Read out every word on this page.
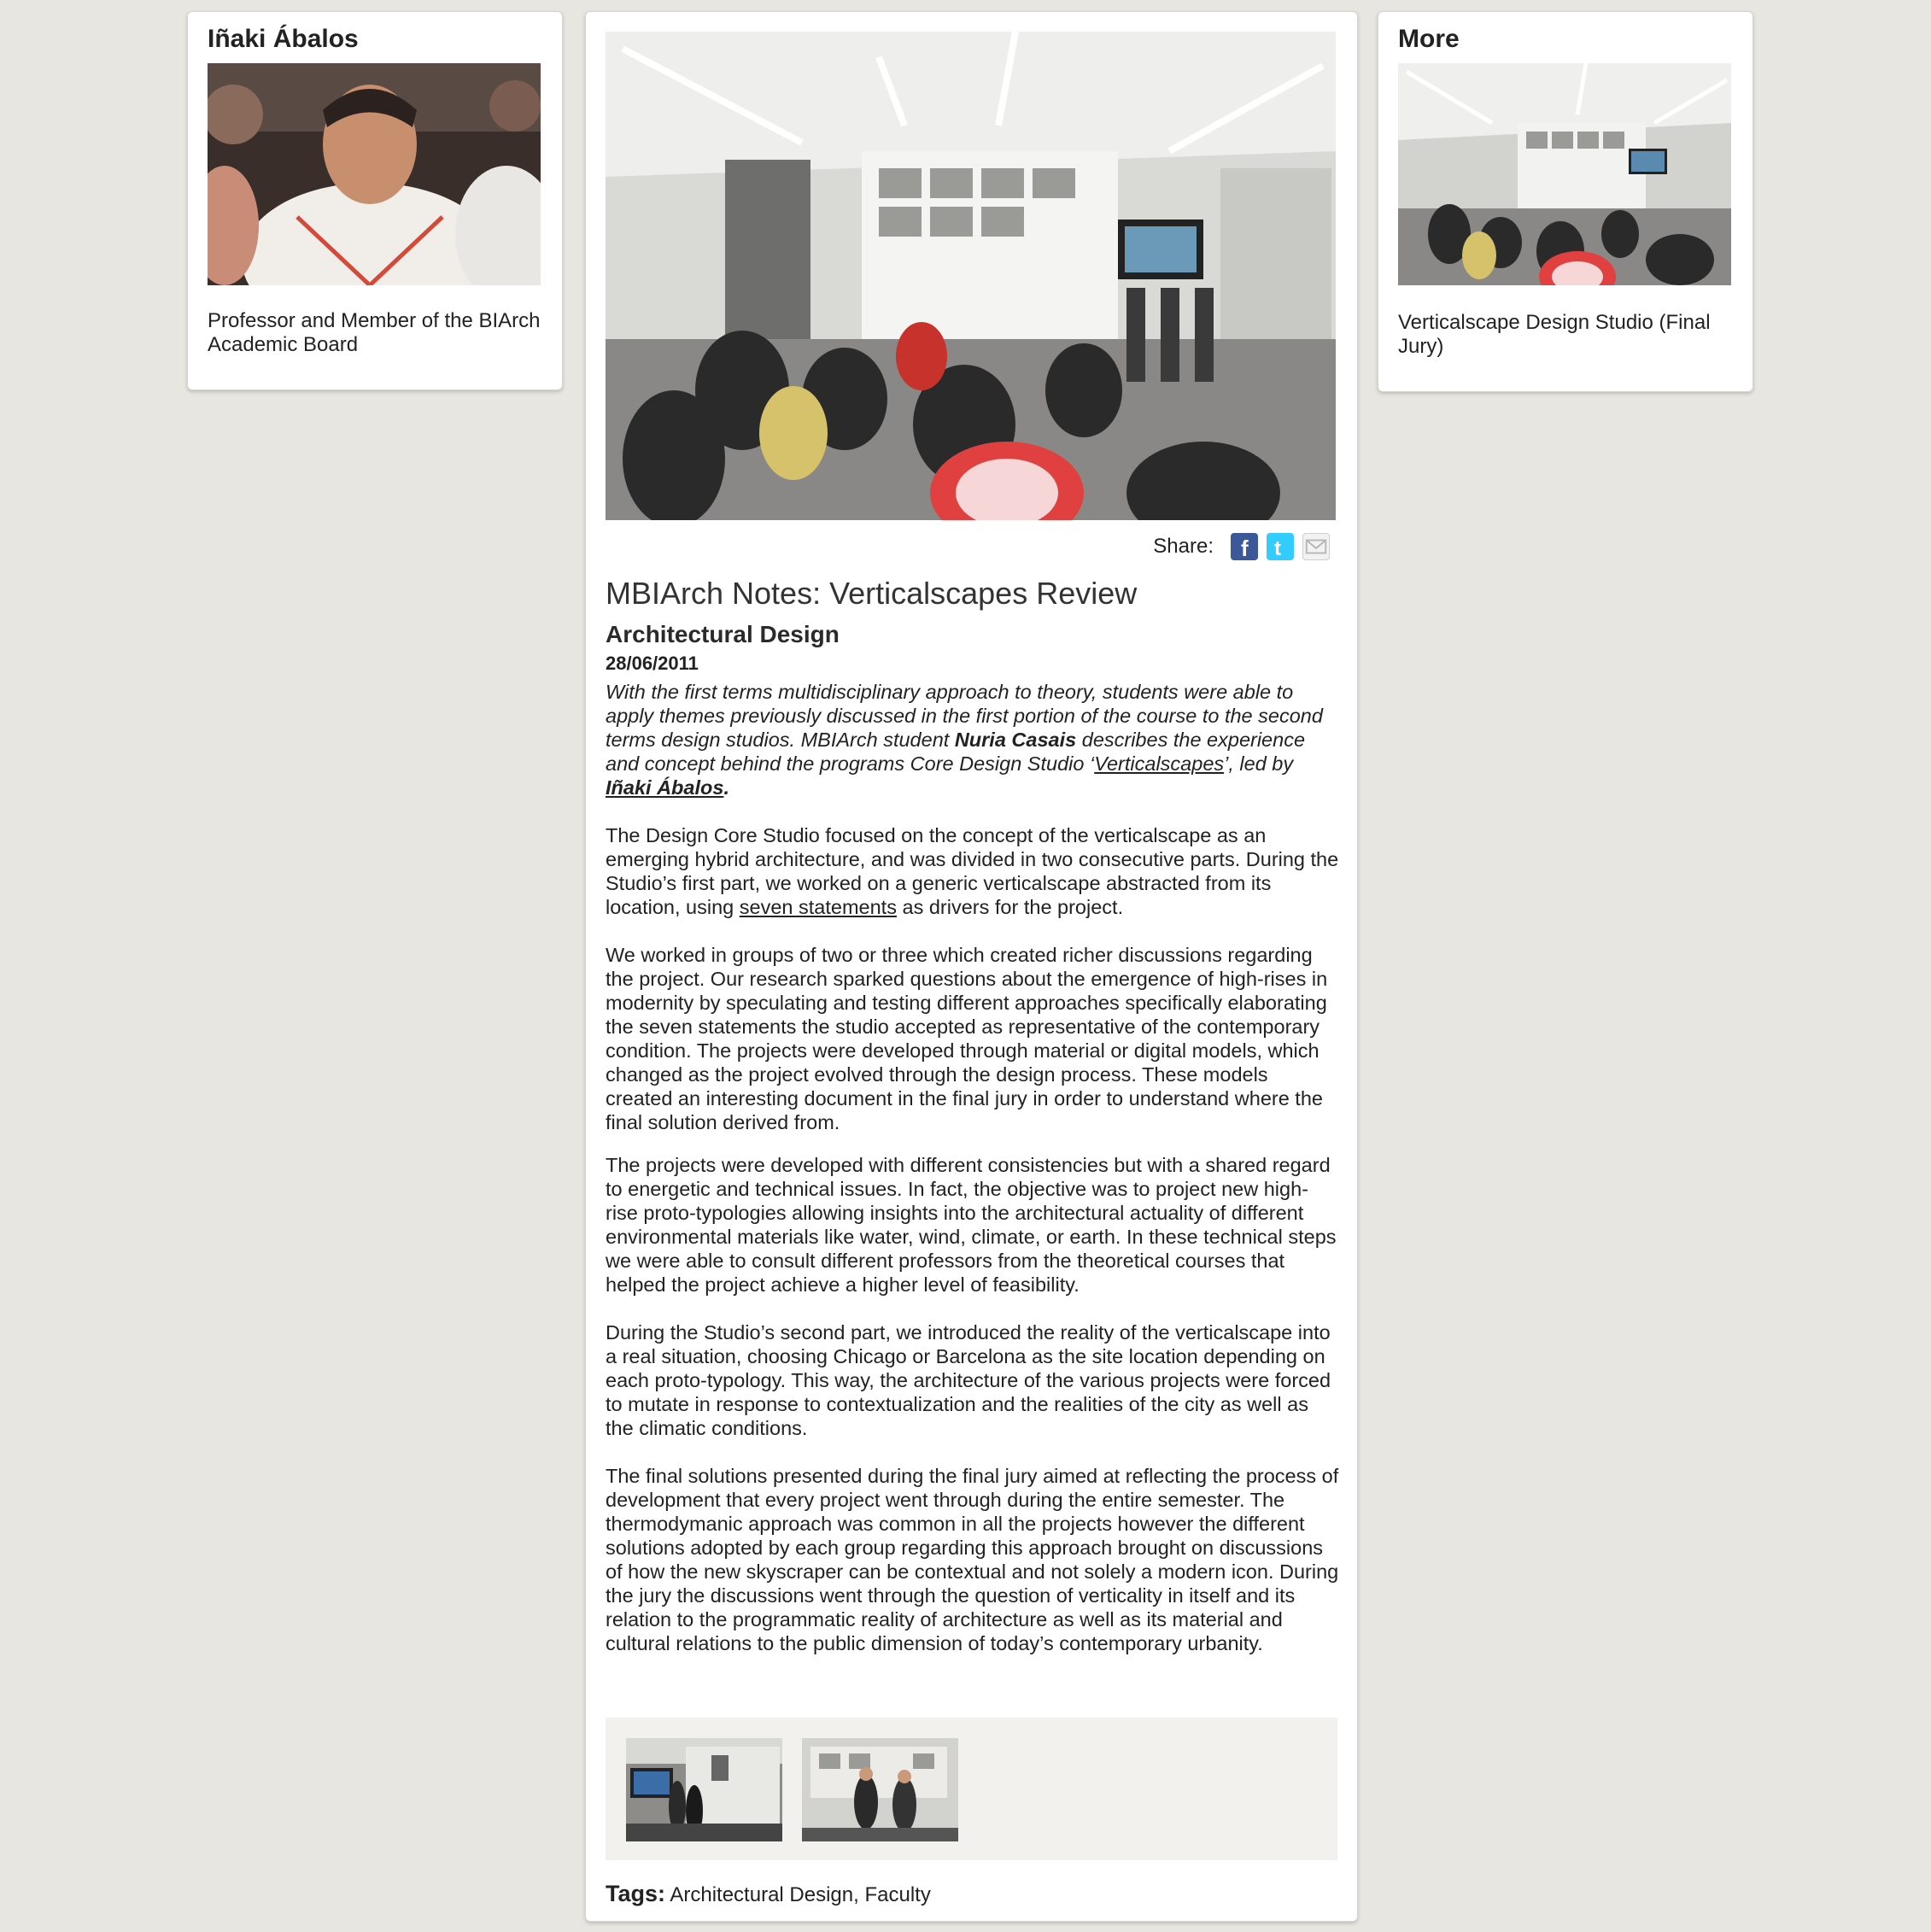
Iñaki Ábalos
Professor and Member of the BIArch Academic Board
Share: f t
MBIArch Notes: Verticalscapes Review
Architectural Design
28/06/2011

With the first terms multidisciplinary approach to theory, students were able to apply themes previously discussed in the first portion of the course to the second terms design studios. MBIArch student Nuria Casais describes the experience and concept behind the programs Core Design Studio ‘Verticalscapes’, led by Iñaki Ábalos.

The Design Core Studio focused on the concept of the verticalscape as an emerging hybrid architecture, and was divided in two consecutive parts. During the Studio’s first part, we worked on a generic verticalscape abstracted from its location, using seven statements as drivers for the project.

We worked in groups of two or three which created richer discussions regarding the project. Our research sparked questions about the emergence of high-rises in modernity by speculating and testing different approaches specifically elaborating the seven statements the studio accepted as representative of the contemporary condition. The projects were developed through material or digital models, which changed as the project evolved through the design process. These models created an interesting document in the final jury in order to understand where the final solution derived from.

The projects were developed with different consistencies but with a shared regard to energetic and technical issues. In fact, the objective was to project new high-rise proto-typologies allowing insights into the architectural actuality of different environmental materials like water, wind, climate, or earth. In these technical steps we were able to consult different professors from the theoretical courses that helped the project achieve a higher level of feasibility.

During the Studio’s second part, we introduced the reality of the verticalscape into a real situation, choosing Chicago or Barcelona as the site location depending on each proto-typology. This way, the architecture of the various projects were forced to mutate in response to contextualization and the realities of the city as well as the climatic conditions.

The final solutions presented during the final jury aimed at reflecting the process of development that every project went through during the entire semester. The thermodymanic approach was common in all the projects however the different solutions adopted by each group regarding this approach brought on discussions of how the new skyscraper can be contextual and not solely a modern icon. During the jury the discussions went through the question of verticality in itself and its relation to the programmatic reality of architecture as well as its material and cultural relations to the public dimension of today’s contemporary urbanity.

Tags: Architectural Design, Faculty
More
Verticalscape Design Studio (Final Jury)
